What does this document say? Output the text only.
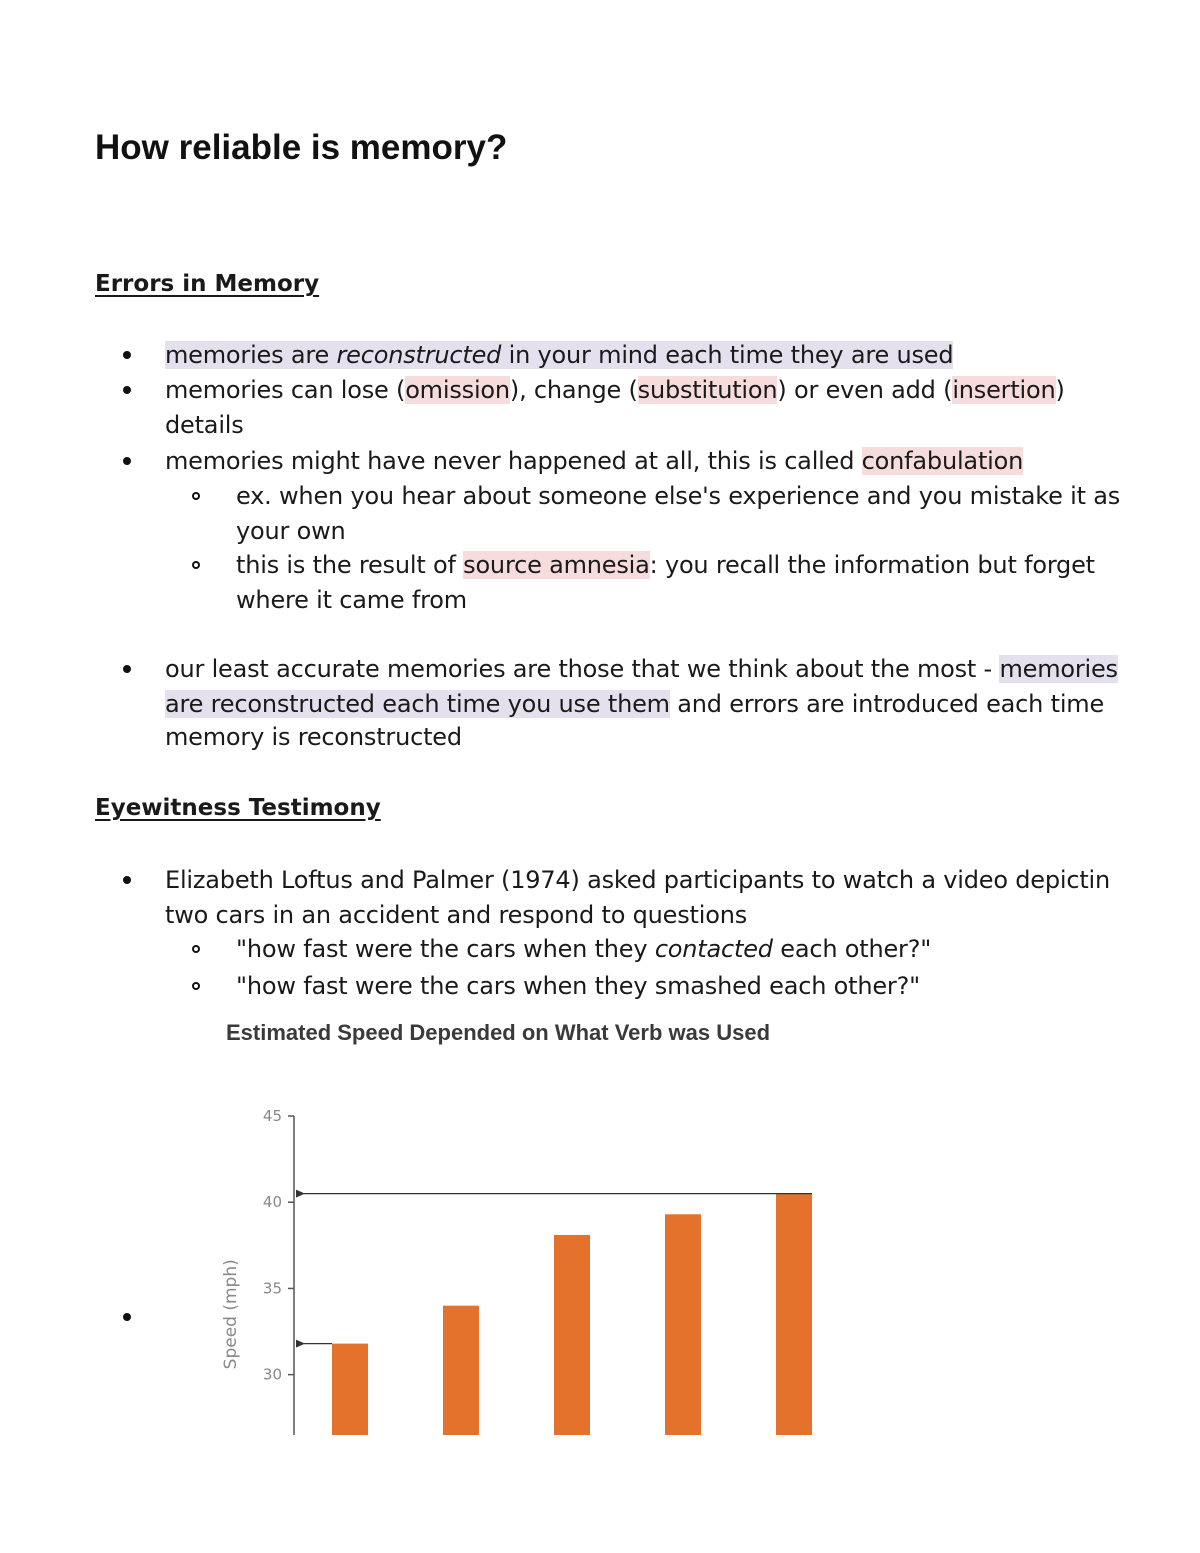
How reliable is memory?
Errors in Memory

memories are reconstructed in your mind each time they are used

memories can lose (omission), change (substitution) or even add (insertion)

details

memories might have never happened at all, this is called confabulation

ex. when you hear about someone else's experience and you mistake it as

your own

this is the result of source amnesia: you recall the information but forget

where it came from

our least accurate memories are those that we think about the most - memories

are reconstructed each time you use them and errors are introduced each time

memory is reconstructed

Eyewitness Testimony

Elizabeth Loftus and Palmer (1974) asked participants to watch a video depictin

two cars in an accident and respond to questions

"how fast were the cars when they contacted each other?"

"how fast were the cars when they smashed each other?"

Estimated Speed Depended on What Verb was Used

30
35
40
45
Speed (mph)
